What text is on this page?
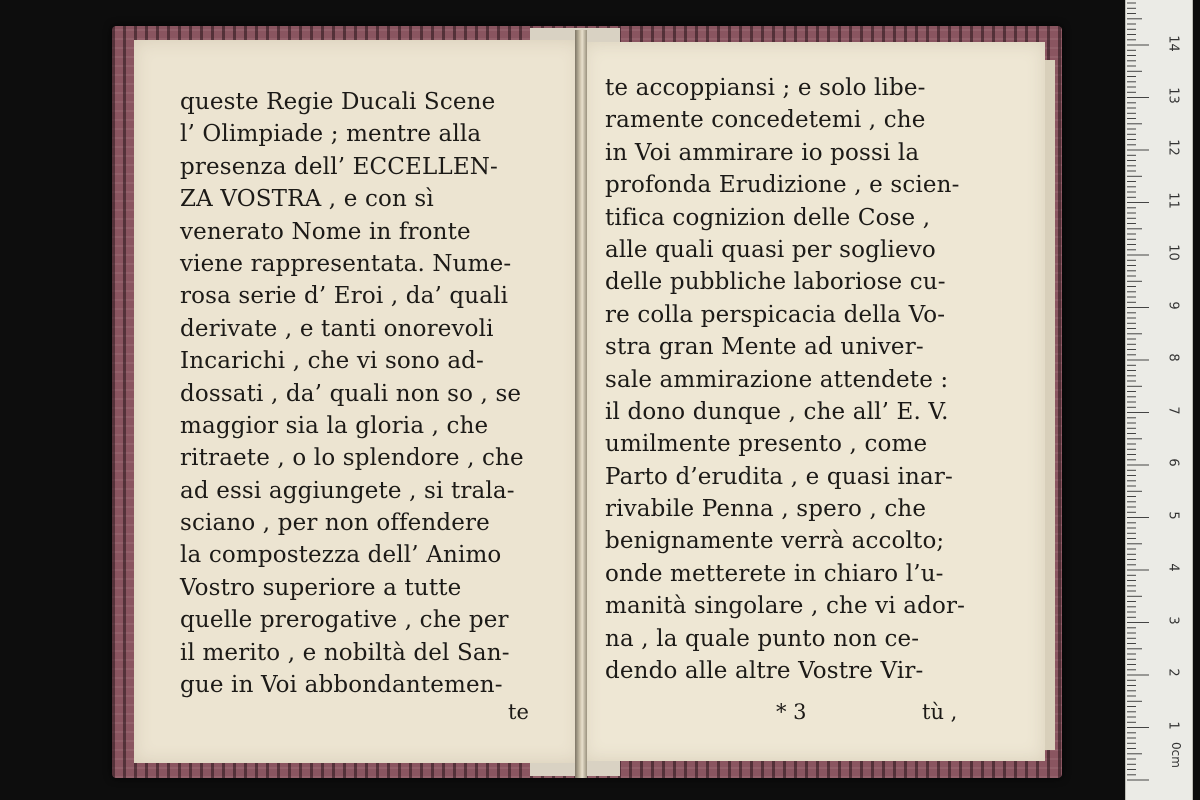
queste Regie Ducali Scene
l’ Olimpiade ; mentre alla
presenza dell’ ECCELLEN-
ZA VOSTRA , e con sì
venerato Nome in fronte
viene rappresentata. Nume-
rosa serie d’ Eroi , da’ quali
derivate , e tanti onorevoli
Incarichi , che vi sono ad-
dossati , da’ quali non so , se
maggior sia la gloria , che
ritraete , o lo splendore , che
ad essi aggiungete , si trala-
sciano , per non offendere
la compostezza dell’ Animo
Vostro superiore a tutte
quelle prerogative , che per
il merito , e nobiltà del San-
gue in Voi abbondantemen-
te
te accoppiansi ; e solo libe-
ramente concedetemi , che
in Voi ammirare io possi la
profonda Erudizione , e scien-
tifica cognizion delle Cose ,
alle quali quasi per soglievo
delle pubbliche laboriose cu-
re colla perspicacia della Vo-
stra gran Mente ad univer-
sale ammirazione attendete :
il dono dunque , che all’ E. V.
umilmente presento , come
Parto d’erudita , e quasi inar-
rivabile Penna , spero , che
benignamente verrà accolto;
onde metterete in chiaro l’u-
manità singolare , che vi ador-
na , la quale punto non ce-
dendo alle altre Vostre Vir-
* 3	tù ,
14
13
12
11
10
9
8
7
6
5
4
3
2
1
0cm
